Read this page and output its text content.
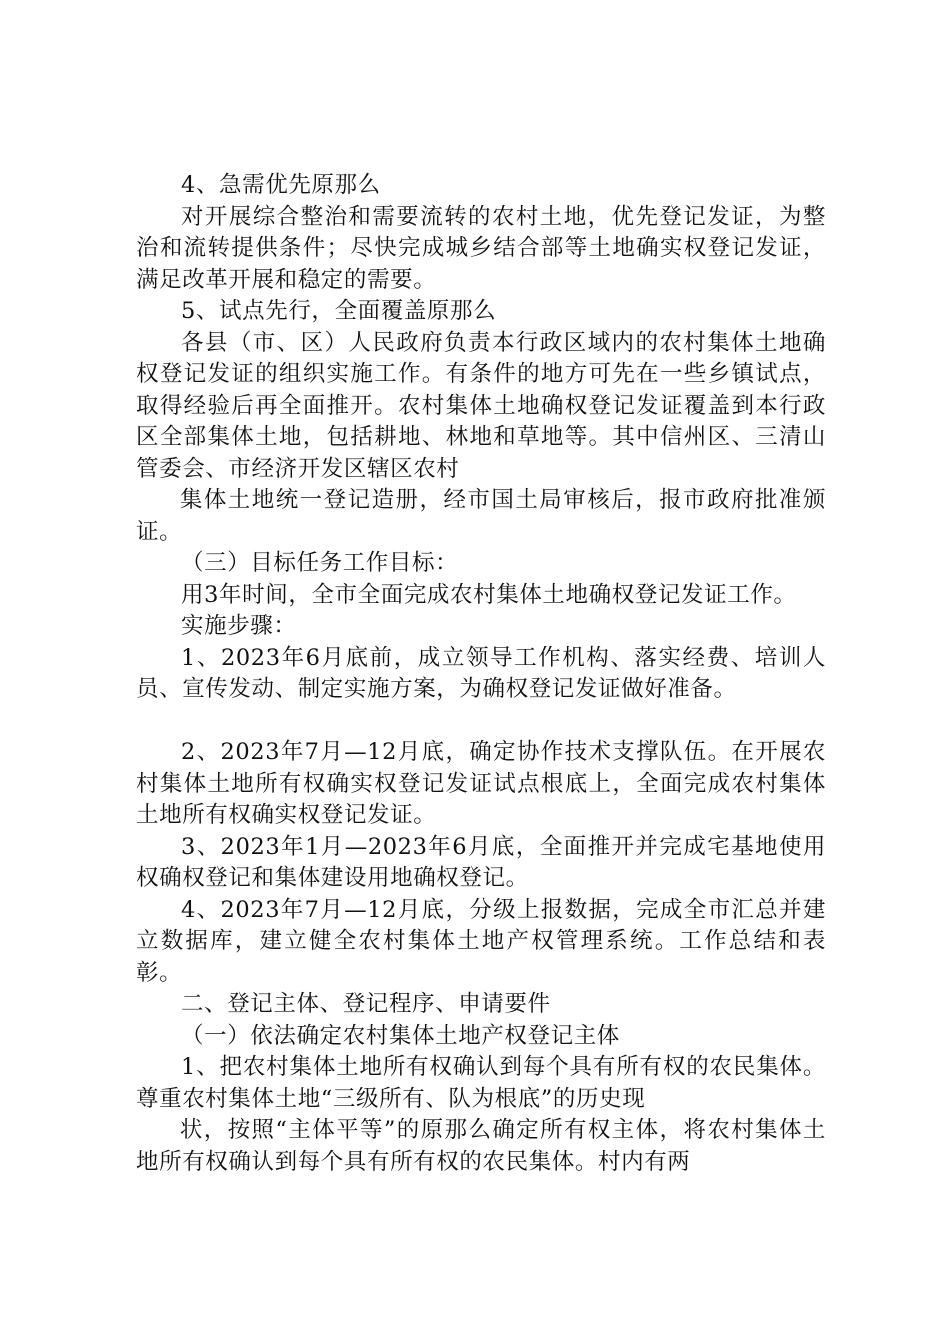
4、急需优先原那么

对开展综合整治和需要流转的农村土地，优先登记发证，为整治和流转提供条件；尽快完成城乡结合部等土地确实权登记发证，满足改革开展和稳定的需要。

5、试点先行，全面覆盖原那么

各县（市、区）人民政府负责本行政区域内的农村集体土地确权登记发证的组织实施工作。有条件的地方可先在一些乡镇试点，取得经验后再全面推开。农村集体土地确权登记发证覆盖到本行政区全部集体土地，包括耕地、林地和草地等。其中信州区、三清山管委会、市经济开发区辖区农村

集体土地统一登记造册，经市国土局审核后，报市政府批准颁证。

（三）目标任务工作目标：

用3年时间，全市全面完成农村集体土地确权登记发证工作。

实施步骤：

1、2023年6月底前，成立领导工作机构、落实经费、培训人员、宣传发动、制定实施方案，为确权登记发证做好准备。

2、2023年7月—12月底，确定协作技术支撑队伍。在开展农村集体土地所有权确实权登记发证试点根底上，全面完成农村集体土地所有权确实权登记发证。

3、2023年1月—2023年6月底，全面推开并完成宅基地使用权确权登记和集体建设用地确权登记。

4、2023年7月—12月底，分级上报数据，完成全市汇总并建立数据库，建立健全农村集体土地产权管理系统。工作总结和表彰。

二、登记主体、登记程序、申请要件

（一）依法确定农村集体土地产权登记主体

1、把农村集体土地所有权确认到每个具有所有权的农民集体。尊重农村集体土地“三级所有、队为根底”的历史现

状，按照“主体平等”的原那么确定所有权主体，将农村集体土地所有权确认到每个具有所有权的农民集体。村内有两
